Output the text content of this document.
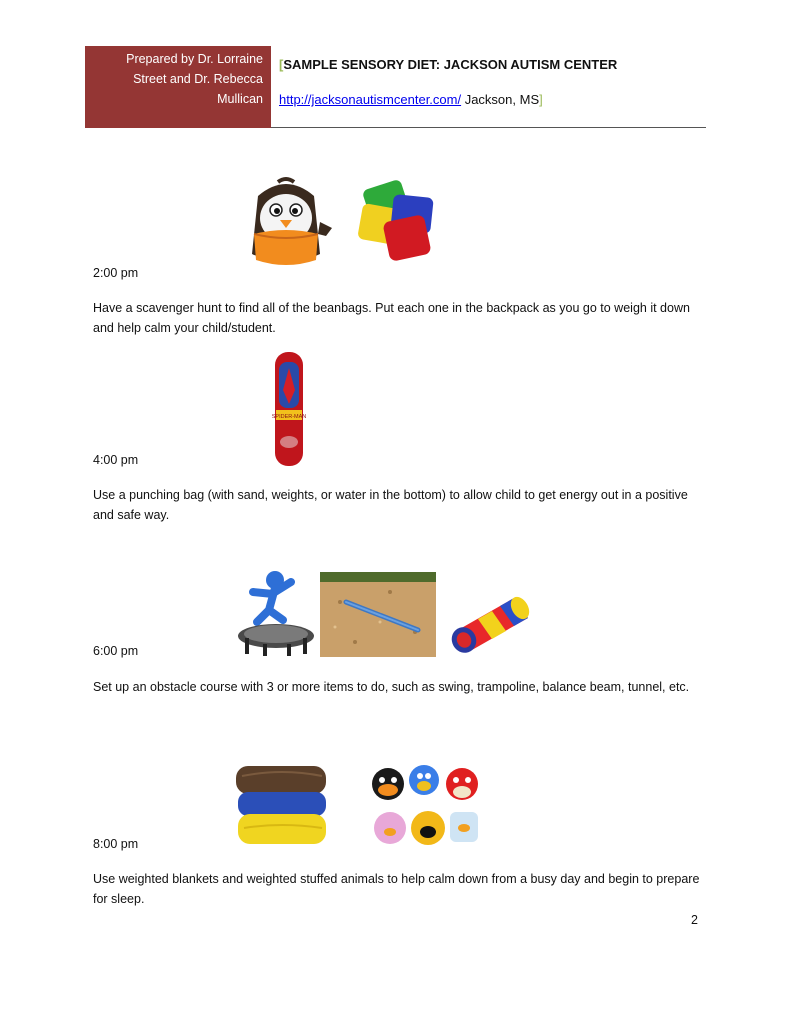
Prepared by Dr. Lorraine
Street and Dr. Rebecca
Mullican
[SAMPLE SENSORY DIET: JACKSON AUTISM CENTER
http://jacksonautismcenter.com/ Jackson, MS]
2:00 pm
Have a scavenger hunt to find all of the beanbags. Put each one in the backpack as you go to weigh it down and help calm your child/student.
SPIDER-MAN
4:00 pm
Use a punching bag (with sand, weights, or water in the bottom) to allow child to get energy out in a positive and safe way.
6:00 pm
Set up an obstacle course with 3 or more items to do, such as swing, trampoline, balance beam, tunnel, etc.
8:00 pm
Use weighted blankets and weighted stuffed animals to help calm down from a busy day and begin to prepare for sleep.
2
